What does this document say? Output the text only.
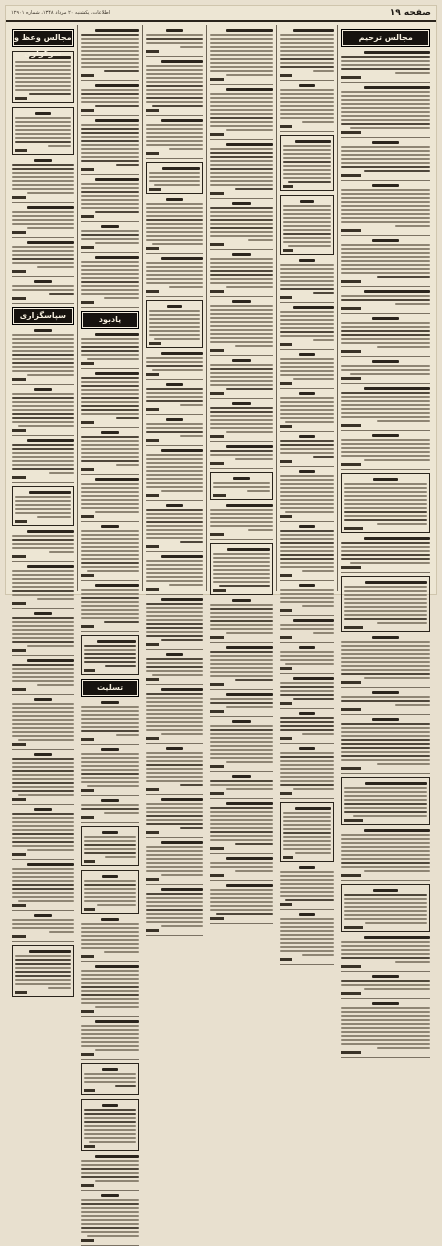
صفحه ۱۹
اطلاعات، یکشنبه ۲۰ مرداد ۱۳۴۸، شماره ۱۲۹۰۱
مجالس ترحیم
یادبود
تسلیت
مجالس وعظ و سوگواری
سپاسگزاری
